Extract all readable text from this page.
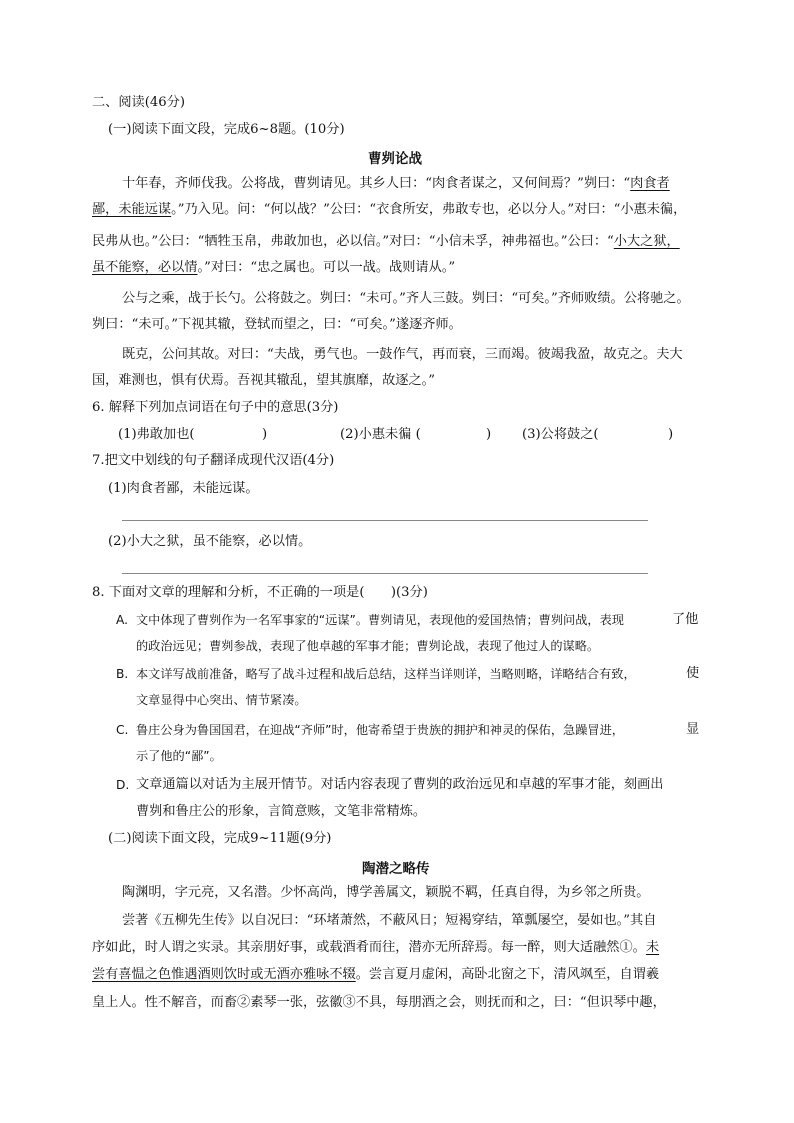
二、阅读(46分)
(一)阅读下面文段，完成6~8题。(10分)
曹刿论战
十年春，齐师伐我。公将战，曹刿请见。其乡人曰：“肉食者谋之，又何间焉？”刿曰：“肉食者
鄙，未能远谋。”乃入见。问：“何以战？”公曰：“衣食所安，弗敢专也，必以分人。”对曰：“小惠未徧，
民弗从也。”公曰：“牺牲玉帛，弗敢加也，必以信。”对曰：“小信未孚，神弗福也。”公曰：“小大之狱，
虽不能察，必以情。”对曰：“忠之属也。可以一战。战则请从。”
公与之乘，战于长勺。公将鼓之。刿曰：“未可。”齐人三鼓。刿曰：“可矣。”齐师败绩。公将驰之。
刿曰：“未可。”下视其辙，登轼而望之，曰：“可矣。”遂逐齐师。
既克，公问其故。对曰：“夫战，勇气也。一鼓作气，再而衰，三而竭。彼竭我盈，故克之。夫大
国，难测也，惧有伏焉。吾视其辙乱，望其旗靡，故逐之。”
6. 解释下列加点词语在句子中的意思(3分)
(1)弗敢加也(	)	(2)小惠未徧 (	) (3)公将鼓之(	)
7.把文中划线的句子翻译成现代汉语(4分)
(1)肉食者鄙，未能远谋。
(2)小大之狱，虽不能察，必以情。
8. 下面对文章的理解和分析，不正确的一项是(　　)(3分)
A. 文中体现了曹刿作为一名军事家的“远谋”。曹刿请见，表现他的爱国热情；曹刿问战，表现	了他
的政治远见；曹刿参战，表现了他卓越的军事才能；曹刿论战，表现了他过人的谋略。
B. 本文详写战前准备，略写了战斗过程和战后总结，这样当详则详，当略则略，详略结合有致，	使
文章显得中心突出、情节紧凑。
C. 鲁庄公身为鲁国国君，在迎战“齐师”时，他寄希望于贵族的拥护和神灵的保佑，急躁冒进，	显
示了他的“鄙”。
D. 文章通篇以对话为主展开情节。对话内容表现了曹刿的政治远见和卓越的军事才能，刻画出
曹刿和鲁庄公的形象，言简意赅，文笔非常精炼。
(二)阅读下面文段，完成9~11题(9分)
陶潜之略传
陶渊明，字元亮，又名潜。少怀高尚，博学善属文，颖脱不羁，任真自得，为乡邻之所贵。
尝著《五柳先生传》以自况曰：“环堵萧然，不蔽风日；短褐穿结，箪瓢屡空，晏如也。”其自
序如此，时人谓之实录。其亲朋好事，或载酒肴而往，潜亦无所辞焉。每一醉，则大适融然①。未
尝有喜愠之色惟遇酒则饮时或无酒亦雅咏不辍。尝言夏月虚闲，高卧北窗之下，清风飒至，自谓羲
皇上人。性不解音，而畜②素琴一张，弦徽③不具，每朋酒之会，则抚而和之，曰：“但识琴中趣，
